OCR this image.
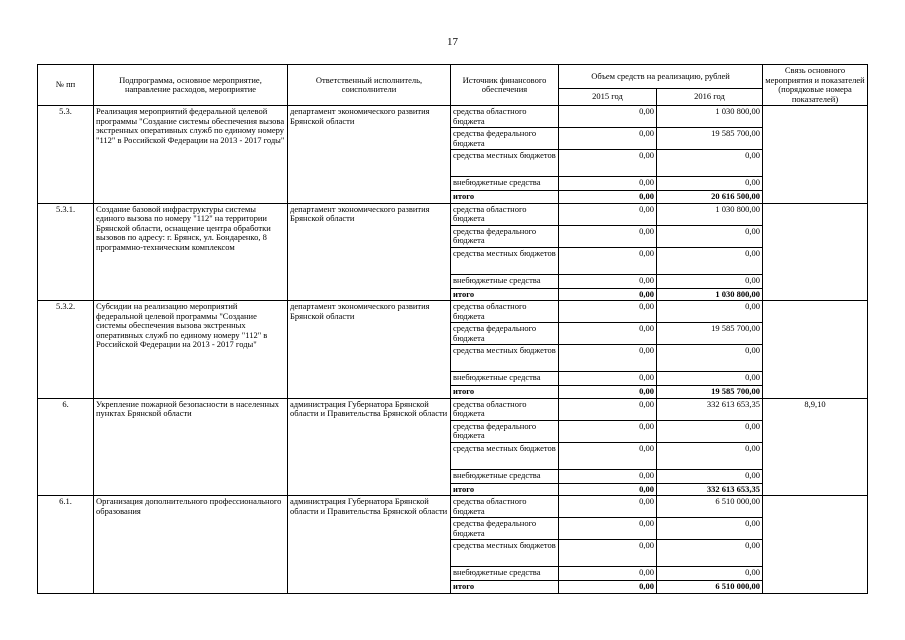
17
№ пп	Подпрограмма, основное мероприятие, направление расходов, мероприятие	Ответственный исполнитель, соисполнители	Источник финансового обеспечения	Объем средств на реализацию, рублей		Связь основного мероприятия и показателей (порядковые номера показателей)
				2015 год	2016 год	
5.3.	Реализация мероприятий федеральной целевой программы "Создание системы обеспечения вызова экстренных оперативных служб по единому номеру "112" в Российской Федерации на 2013 - 2017 годы"	департамент экономического развития Брянской области	средства областного бюджета	0,00	1 030 800,00	
			средства федерального бюджета	0,00	19 585 700,00	
			средства местных бюджетов	0,00	0,00	
			внебюджетные средства	0,00	0,00	
			итого	0,00	20 616 500,00	
5.3.1.	Создание базовой инфраструктуры системы единого вызова по номеру "112" на территории Брянской области, оснащение центра обработки вызовов по адресу: г. Брянск, ул. Бондаренко, 8 программно-техническим комплексом	департамент экономического развития Брянской области	средства областного бюджета	0,00	1 030 800,00	
			средства федерального бюджета	0,00	0,00	
			средства местных бюджетов	0,00	0,00	
			внебюджетные средства	0,00	0,00	
			итого	0,00	1 030 800,00	
5.3.2.	Субсидии на реализацию мероприятий федеральной целевой программы "Создание системы обеспечения вызова экстренных оперативных служб по единому номеру "112" в Российской Федерации на 2013 - 2017 годы"	департамент экономического развития Брянской области	средства областного бюджета	0,00	0,00	
			средства федерального бюджета	0,00	19 585 700,00	
			средства местных бюджетов	0,00	0,00	
			внебюджетные средства	0,00	0,00	
			итого	0,00	19 585 700,00	
6.	Укрепление пожарной безопасности в населенных пунктах Брянской области	администрация Губернатора Брянской области и Правительства Брянской области	средства областного бюджета	0,00	332 613 653,35	8,9,10
			средства федерального бюджета	0,00	0,00	
			средства местных бюджетов	0,00	0,00	
			внебюджетные средства	0,00	0,00	
			итого	0,00	332 613 653,35	
6.1.	Организация дополнительного профессионального образования	администрация Губернатора Брянской области и Правительства Брянской области	средства областного бюджета	0,00	6 510 000,00	
			средства федерального бюджета	0,00	0,00	
			средства местных бюджетов	0,00	0,00	
			внебюджетные средства	0,00	0,00	
			итого	0,00	6 510 000,00	
